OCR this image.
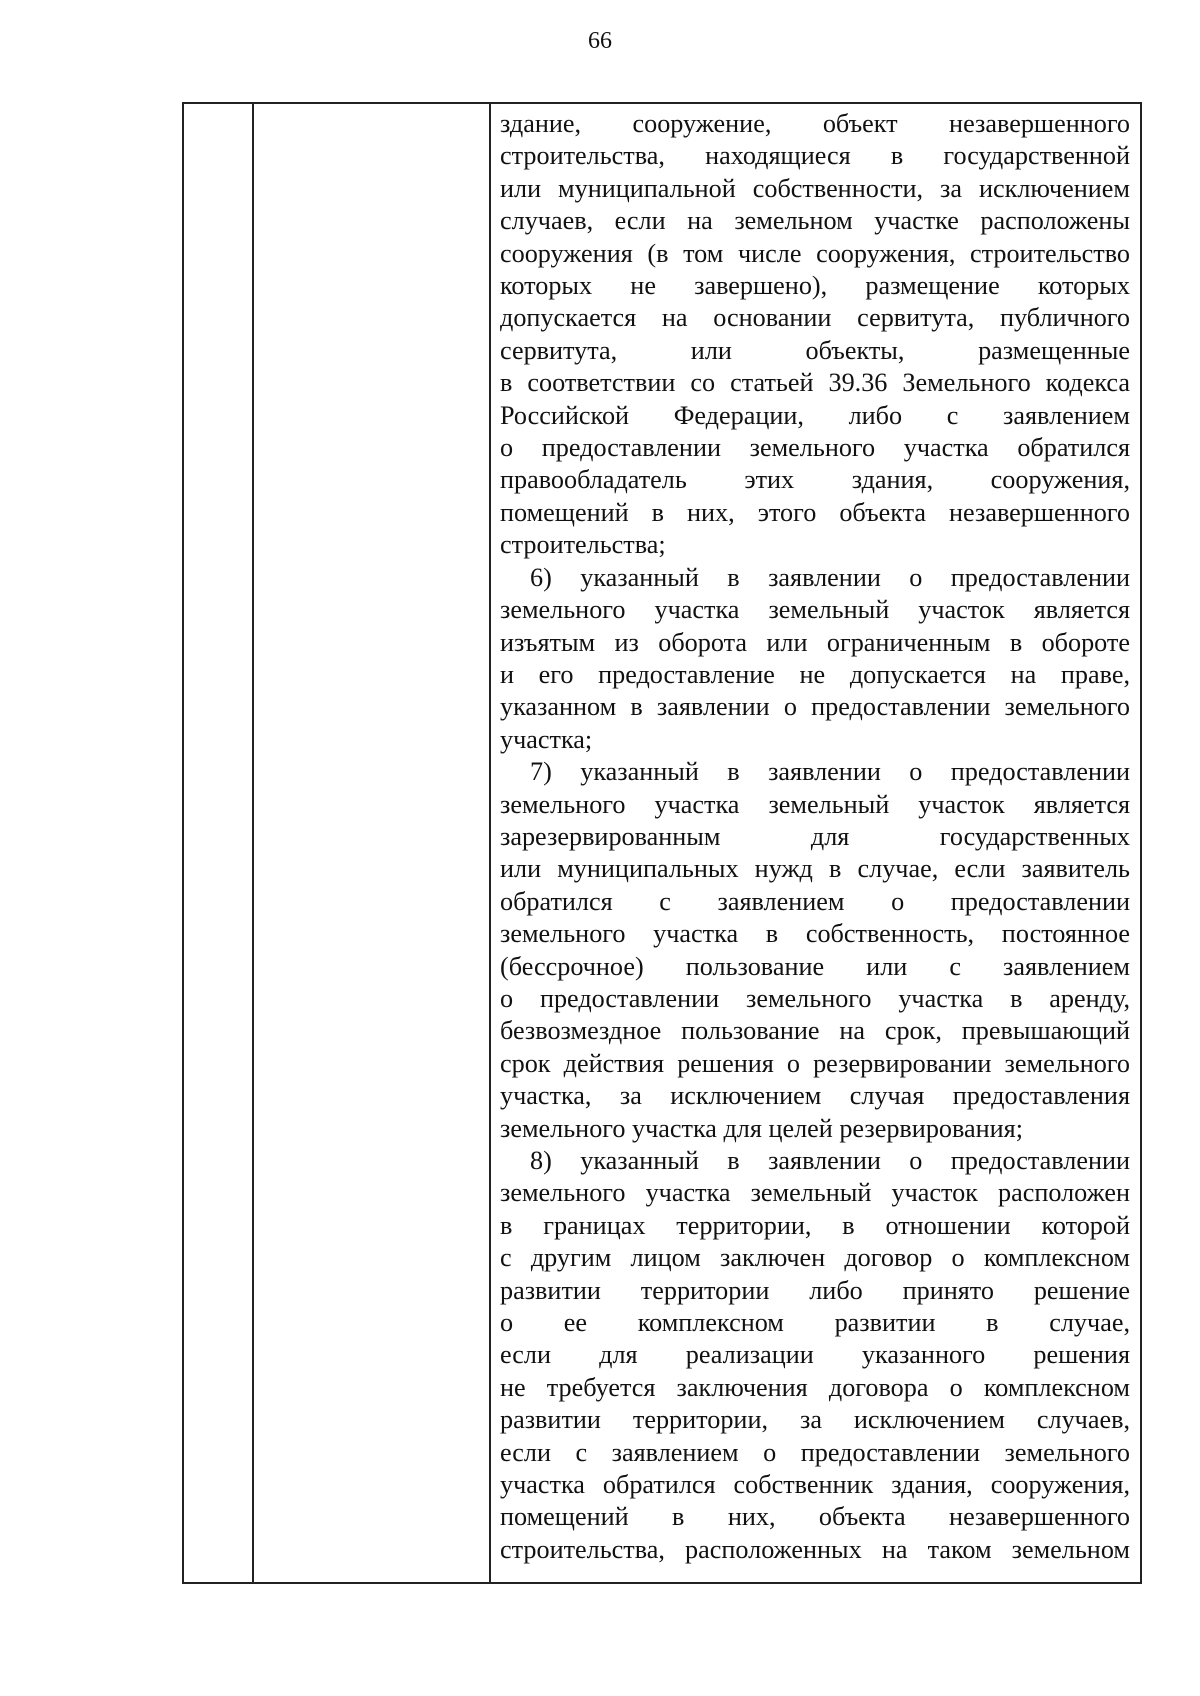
66
здание, сооружение, объект незавершенного
строительства, находящиеся в государственной
или муниципальной собственности, за исключением
случаев, если на земельном участке расположены
сооружения (в том числе сооружения, строительство
которых не завершено), размещение которых
допускается на основании сервитута, публичного
сервитута, или объекты, размещенные
в соответствии со статьей 39.36 Земельного кодекса
Российской Федерации, либо с заявлением
о предоставлении земельного участка обратился
правообладатель этих здания, сооружения,
помещений в них, этого объекта незавершенного
строительства;
6) указанный в заявлении о предоставлении
земельного участка земельный участок является
изъятым из оборота или ограниченным в обороте
и его предоставление не допускается на праве,
указанном в заявлении о предоставлении земельного
участка;
7) указанный в заявлении о предоставлении
земельного участка земельный участок является
зарезервированным для государственных
или муниципальных нужд в случае, если заявитель
обратился с заявлением о предоставлении
земельного участка в собственность, постоянное
(бессрочное) пользование или с заявлением
о предоставлении земельного участка в аренду,
безвозмездное пользование на срок, превышающий
срок действия решения о резервировании земельного
участка, за исключением случая предоставления
земельного участка для целей резервирования;
8) указанный в заявлении о предоставлении
земельного участка земельный участок расположен
в границах территории, в отношении которой
с другим лицом заключен договор о комплексном
развитии территории либо принято решение
о ее комплексном развитии в случае,
если для реализации указанного решения
не требуется заключения договора о комплексном
развитии территории, за исключением случаев,
если с заявлением о предоставлении земельного
участка обратился собственник здания, сооружения,
помещений в них, объекта незавершенного
строительства, расположенных на таком земельном
